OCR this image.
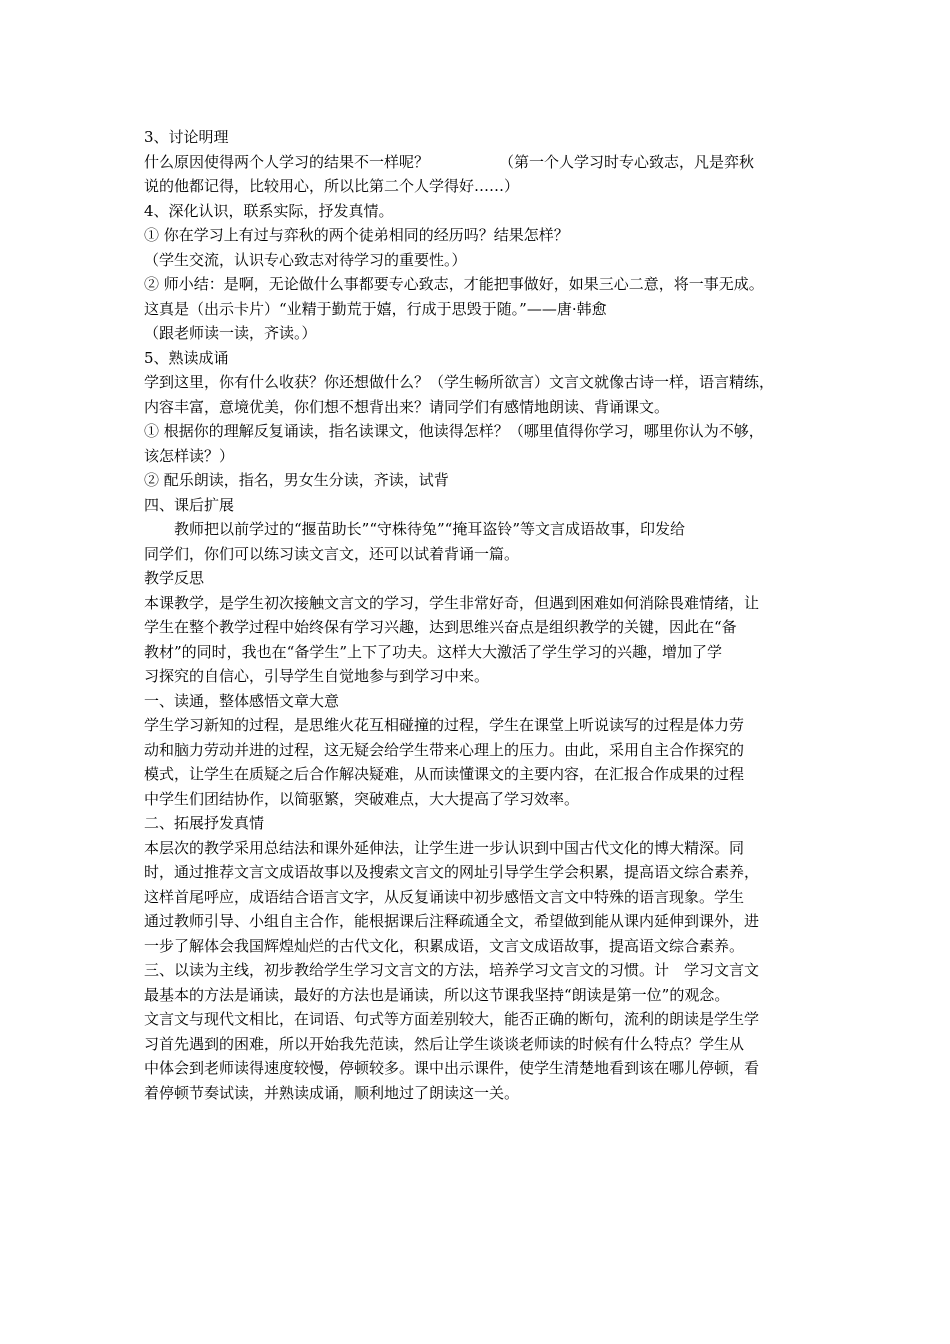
3、讨论明理
什么原因使得两个人学习的结果不一样呢？	（第一个人学习时专心致志，凡是弈秋
说的他都记得，比较用心，所以比第二个人学得好……）
4、深化认识，联系实际，抒发真情。
① 你在学习上有过与弈秋的两个徒弟相同的经历吗？结果怎样？
（学生交流，认识专心致志对待学习的重要性。）
② 师小结：是啊，无论做什么事都要专心致志，才能把事做好，如果三心二意，将一事无成。
这真是（出示卡片）“业精于勤荒于嬉，行成于思毁于随。”——唐·韩愈
（跟老师读一读，齐读。）
5、熟读成诵
学到这里，你有什么收获？你还想做什么？（学生畅所欲言）文言文就像古诗一样，语言精练，
内容丰富，意境优美，你们想不想背出来？请同学们有感情地朗读、背诵课文。
① 根据你的理解反复诵读，指名读课文，他读得怎样？（哪里值得你学习，哪里你认为不够，
该怎样读？）
② 配乐朗读，指名，男女生分读，齐读，试背
四、课后扩展
教师把以前学过的“揠苗助长”“守株待兔”“掩耳盗铃”等文言成语故事，印发给
同学们，你们可以练习读文言文，还可以试着背诵一篇。
教学反思
本课教学，是学生初次接触文言文的学习，学生非常好奇，但遇到困难如何消除畏难情绪，让
学生在整个教学过程中始终保有学习兴趣，达到思维兴奋点是组织教学的关键，因此在“备
教材”的同时，我也在“备学生”上下了功夫。这样大大激活了学生学习的兴趣，增加了学
习探究的自信心，引导学生自觉地参与到学习中来。
一、读通，整体感悟文章大意
学生学习新知的过程，是思维火花互相碰撞的过程，学生在课堂上听说读写的过程是体力劳
动和脑力劳动并进的过程，这无疑会给学生带来心理上的压力。由此，采用自主合作探究的
模式，让学生在质疑之后合作解决疑难，从而读懂课文的主要内容，在汇报合作成果的过程
中学生们团结协作，以简驱繁，突破难点，大大提高了学习效率。
二、拓展抒发真情
本层次的教学采用总结法和课外延伸法，让学生进一步认识到中国古代文化的博大精深。同
时，通过推荐文言文成语故事以及搜索文言文的网址引导学生学会积累，提高语文综合素养，
这样首尾呼应，成语结合语言文字，从反复诵读中初步感悟文言文中特殊的语言现象。学生
通过教师引导、小组自主合作，能根据课后注释疏通全文，希望做到能从课内延伸到课外，进
一步了解体会我国辉煌灿烂的古代文化，积累成语，文言文成语故事，提高语文综合素养。
三、以读为主线，初步教给学生学习文言文的方法，培养学习文言文的习惯。计　学习文言文
最基本的方法是诵读，最好的方法也是诵读，所以这节课我坚持“朗读是第一位”的观念。
文言文与现代文相比，在词语、句式等方面差别较大，能否正确的断句，流利的朗读是学生学
习首先遇到的困难，所以开始我先范读，然后让学生谈谈老师读的时候有什么特点？学生从
中体会到老师读得速度较慢，停顿较多。课中出示课件，使学生清楚地看到该在哪儿停顿，看
着停顿节奏试读，并熟读成诵，顺利地过了朗读这一关。
